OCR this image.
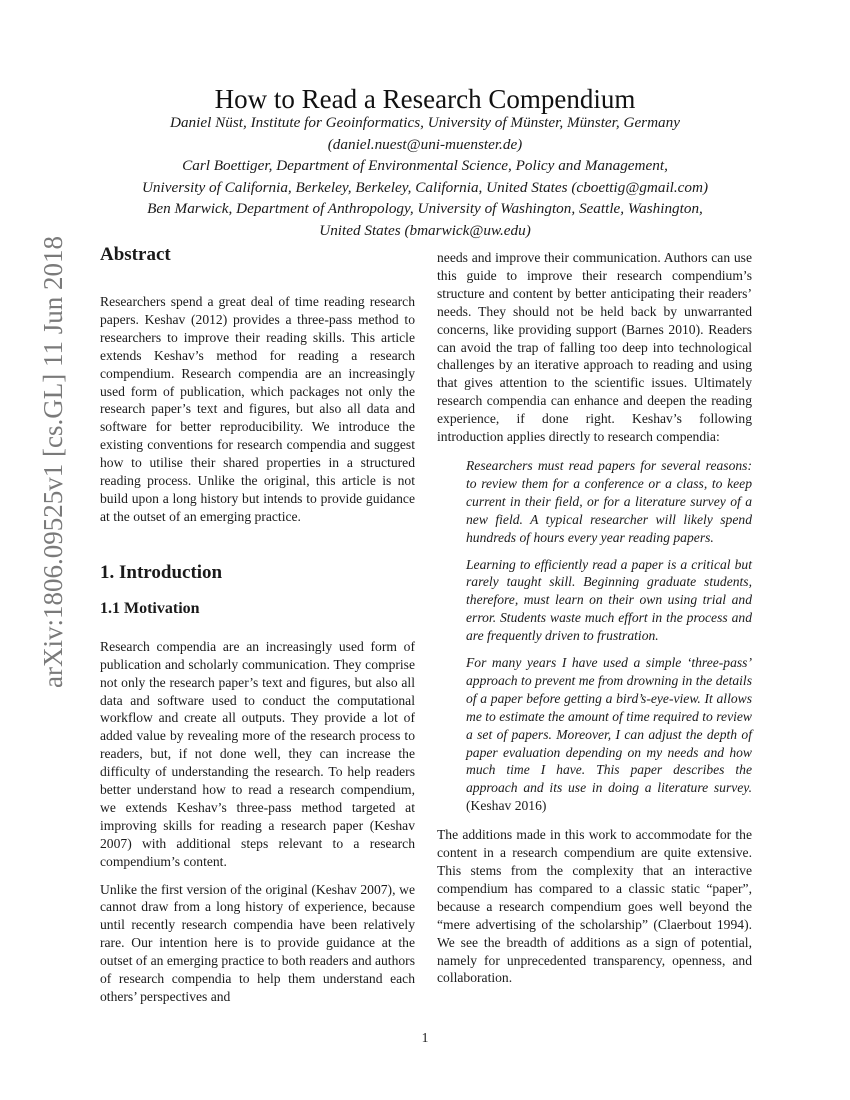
arXiv:1806.09525v1 [cs.GL] 11 Jun 2018
How to Read a Research Compendium
Daniel Nüst, Institute for Geoinformatics, University of Münster, Münster, Germany
(daniel.nuest@uni-muenster.de)
Carl Boettiger, Department of Environmental Science, Policy and Management,
University of California, Berkeley, Berkeley, California, United States (cboettig@gmail.com)
Ben Marwick, Department of Anthropology, University of Washington, Seattle, Washington,
United States (bmarwick@uw.edu)
Abstract

Researchers spend a great deal of time reading research papers. Keshav (2012) provides a three-pass method to researchers to improve their reading skills. This article extends Keshav’s method for reading a research compendium. Research compendia are an increasingly used form of publication, which packages not only the research paper’s text and figures, but also all data and software for better reproducibility. We introduce the existing conventions for research compendia and suggest how to utilise their shared properties in a structured reading process. Unlike the original, this article is not build upon a long history but intends to provide guidance at the outset of an emerging practice.

1. Introduction
1.1 Motivation

Research compendia are an increasingly used form of publication and scholarly communication. They comprise not only the research paper’s text and figures, but also all data and software used to conduct the computational workflow and create all outputs. They provide a lot of added value by revealing more of the research process to readers, but, if not done well, they can increase the difficulty of understanding the research. To help readers better understand how to read a research compendium, we extends Keshav’s three-pass method targeted at improving skills for reading a research paper (Keshav 2007) with additional steps relevant to a research compendium’s content.

Unlike the first version of the original (Keshav 2007), we cannot draw from a long history of experience, because until recently research compendia have been relatively rare. Our intention here is to provide guidance at the outset of an emerging practice to both readers and authors of research compendia to help them understand each others’ perspectives and

needs and improve their communication. Authors can use this guide to improve their research compendium’s structure and content by better anticipating their readers’ needs. They should not be held back by unwarranted concerns, like providing support (Barnes 2010). Readers can avoid the trap of falling too deep into technological challenges by an iterative approach to reading and using that gives attention to the scientific issues. Ultimately research compendia can enhance and deepen the reading experience, if done right. Keshav’s following introduction applies directly to research compendia:

Researchers must read papers for several reasons: to review them for a conference or a class, to keep current in their field, or for a literature survey of a new field. A typical researcher will likely spend hundreds of hours every year reading papers.

Learning to efficiently read a paper is a critical but rarely taught skill. Beginning graduate students, therefore, must learn on their own using trial and error. Students waste much effort in the process and are frequently driven to frustration.

For many years I have used a simple ‘three-pass’ approach to prevent me from drowning in the details of a paper before getting a bird’s-eye-view. It allows me to estimate the amount of time required to review a set of papers. Moreover, I can adjust the depth of paper evaluation depending on my needs and how much time I have. This paper describes the approach and its use in doing a literature survey. (Keshav 2016)

The additions made in this work to accommodate for the content in a research compendium are quite extensive. This stems from the complexity that an interactive compendium has compared to a classic static “paper”, because a research compendium goes well beyond the “mere advertising of the scholarship” (Claerbout 1994). We see the breadth of additions as a sign of potential, namely for unprecedented transparency, openness, and collaboration.

1
